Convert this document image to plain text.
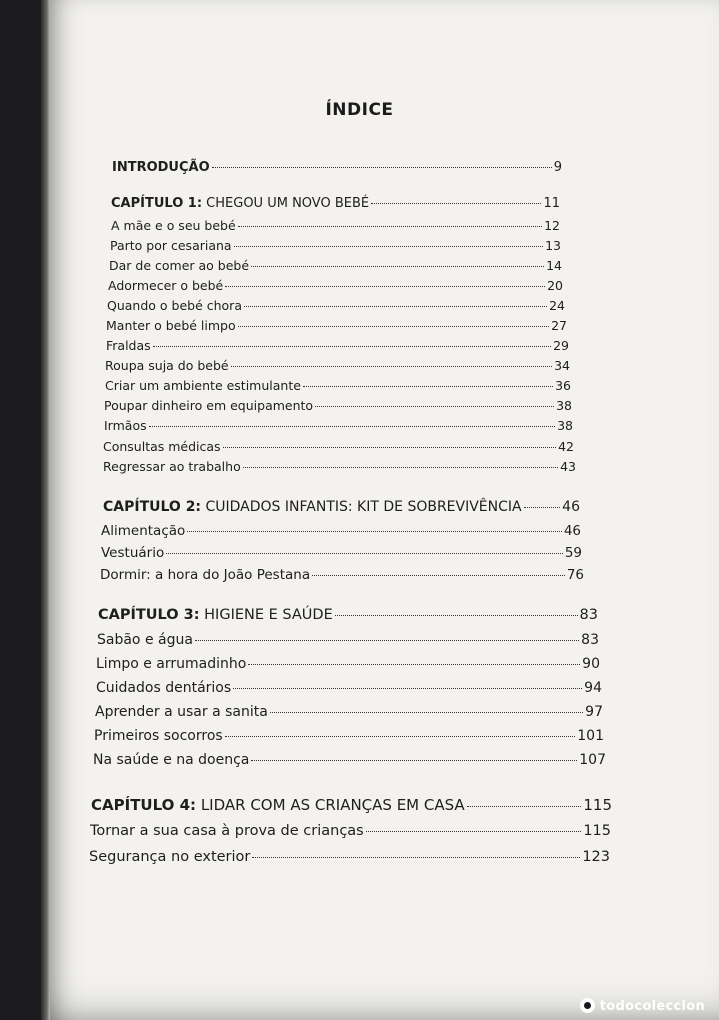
ÍNDICE
INTRODUÇÃO	9
CAPÍTULO 1: CHEGOU UM NOVO BEBÉ	11
A mãe e o seu bebé	12
Parto por cesariana	13
Dar de comer ao bebé	14
Adormecer o bebé	20
Quando o bebé chora	24
Manter o bebé limpo	27
Fraldas	29
Roupa suja do bebé	34
Criar um ambiente estimulante	36
Poupar dinheiro em equipamento	38
Irmãos	38
Consultas médicas	42
Regressar ao trabalho	43
CAPÍTULO 2: CUIDADOS INFANTIS: KIT DE SOBREVIVÊNCIA	46
Alimentação	46
Vestuário	59
Dormir: a hora do João Pestana	76
CAPÍTULO 3: HIGIENE E SAÚDE	83
Sabão e água	83
Limpo e arrumadinho	90
Cuidados dentários	94
Aprender a usar a sanita	97
Primeiros socorros	101
Na saúde e na doença	107
CAPÍTULO 4: LIDAR COM AS CRIANÇAS EM CASA	115
Tornar a sua casa à prova de crianças	115
Segurança no exterior	123
todocoleccion
